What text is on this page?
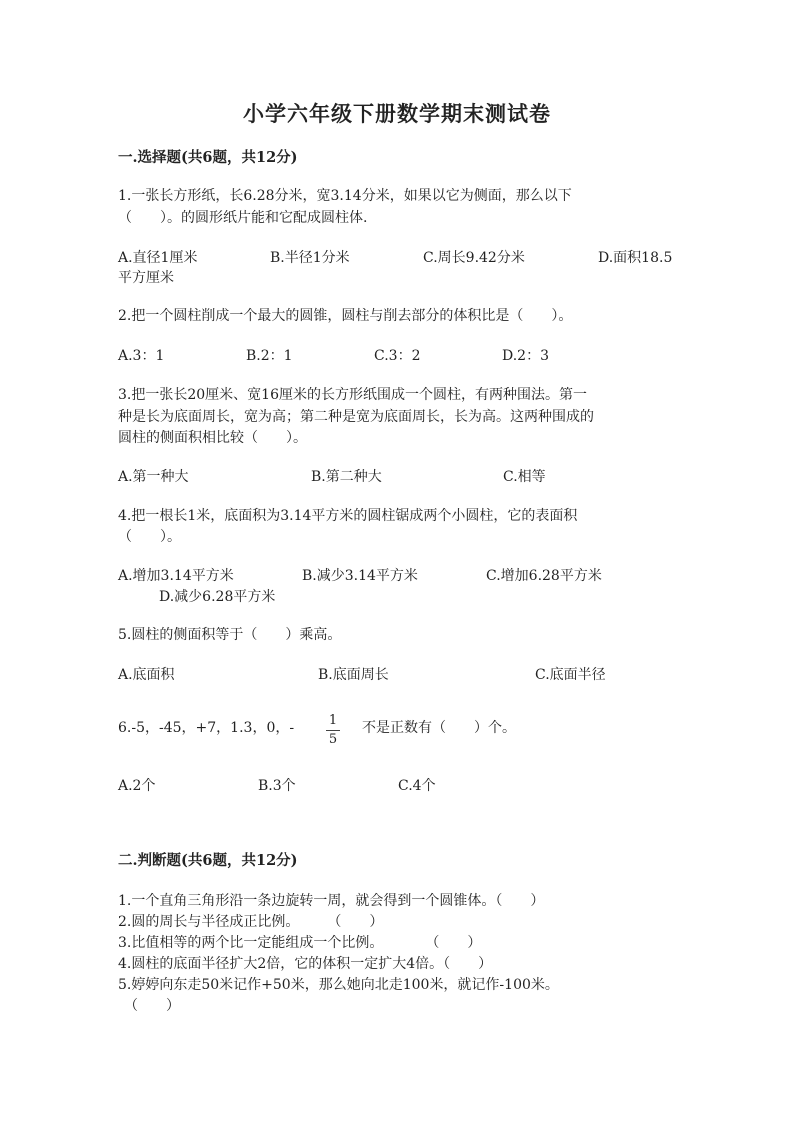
小学六年级下册数学期末测试卷
一.选择题(共6题，共12分)
1.一张长方形纸，长6.28分米，宽3.14分米，如果以它为侧面，那么以下
（　　）。的圆形纸片能和它配成圆柱体.
A.直径1厘米	B.半径1分米	C.周长9.42分米	D.面积18.5
平方厘米
2.把一个圆柱削成一个最大的圆锥，圆柱与削去部分的体积比是（　　）。
A.3：1	B.2：1	C.3：2	D.2：3
3.把一张长20厘米、宽16厘米的长方形纸围成一个圆柱，有两种围法。第一
种是长为底面周长，宽为高；第二种是宽为底面周长，长为高。这两种围成的
圆柱的侧面积相比较（　　）。
A.第一种大	B.第二种大	C.相等
4.把一根长1米，底面积为3.14平方米的圆柱锯成两个小圆柱，它的表面积
（　　）。
A.增加3.14平方米	B.减少3.14平方米	C.增加6.28平方米
D.减少6.28平方米
5.圆柱的侧面积等于（　　）乘高。
A.底面积	B.底面周长	C.底面半径
6.-5，-45，+7，1.3，0，-	1
5
不是正数有（　　）个。
A.2个	B.3个	C.4个
二.判断题(共6题，共12分)
1.一个直角三角形沿一条边旋转一周，就会得到一个圆锥体。（　　）
2.圆的周长与半径成正比例。　　　（　　）
3.比值相等的两个比一定能组成一个比例。　　　　（　　）
4.圆柱的底面半径扩大2倍，它的体积一定扩大4倍。（　　）
5.婷婷向东走50米记作+50米，那么她向北走100米，就记作-100米。
（　　）
